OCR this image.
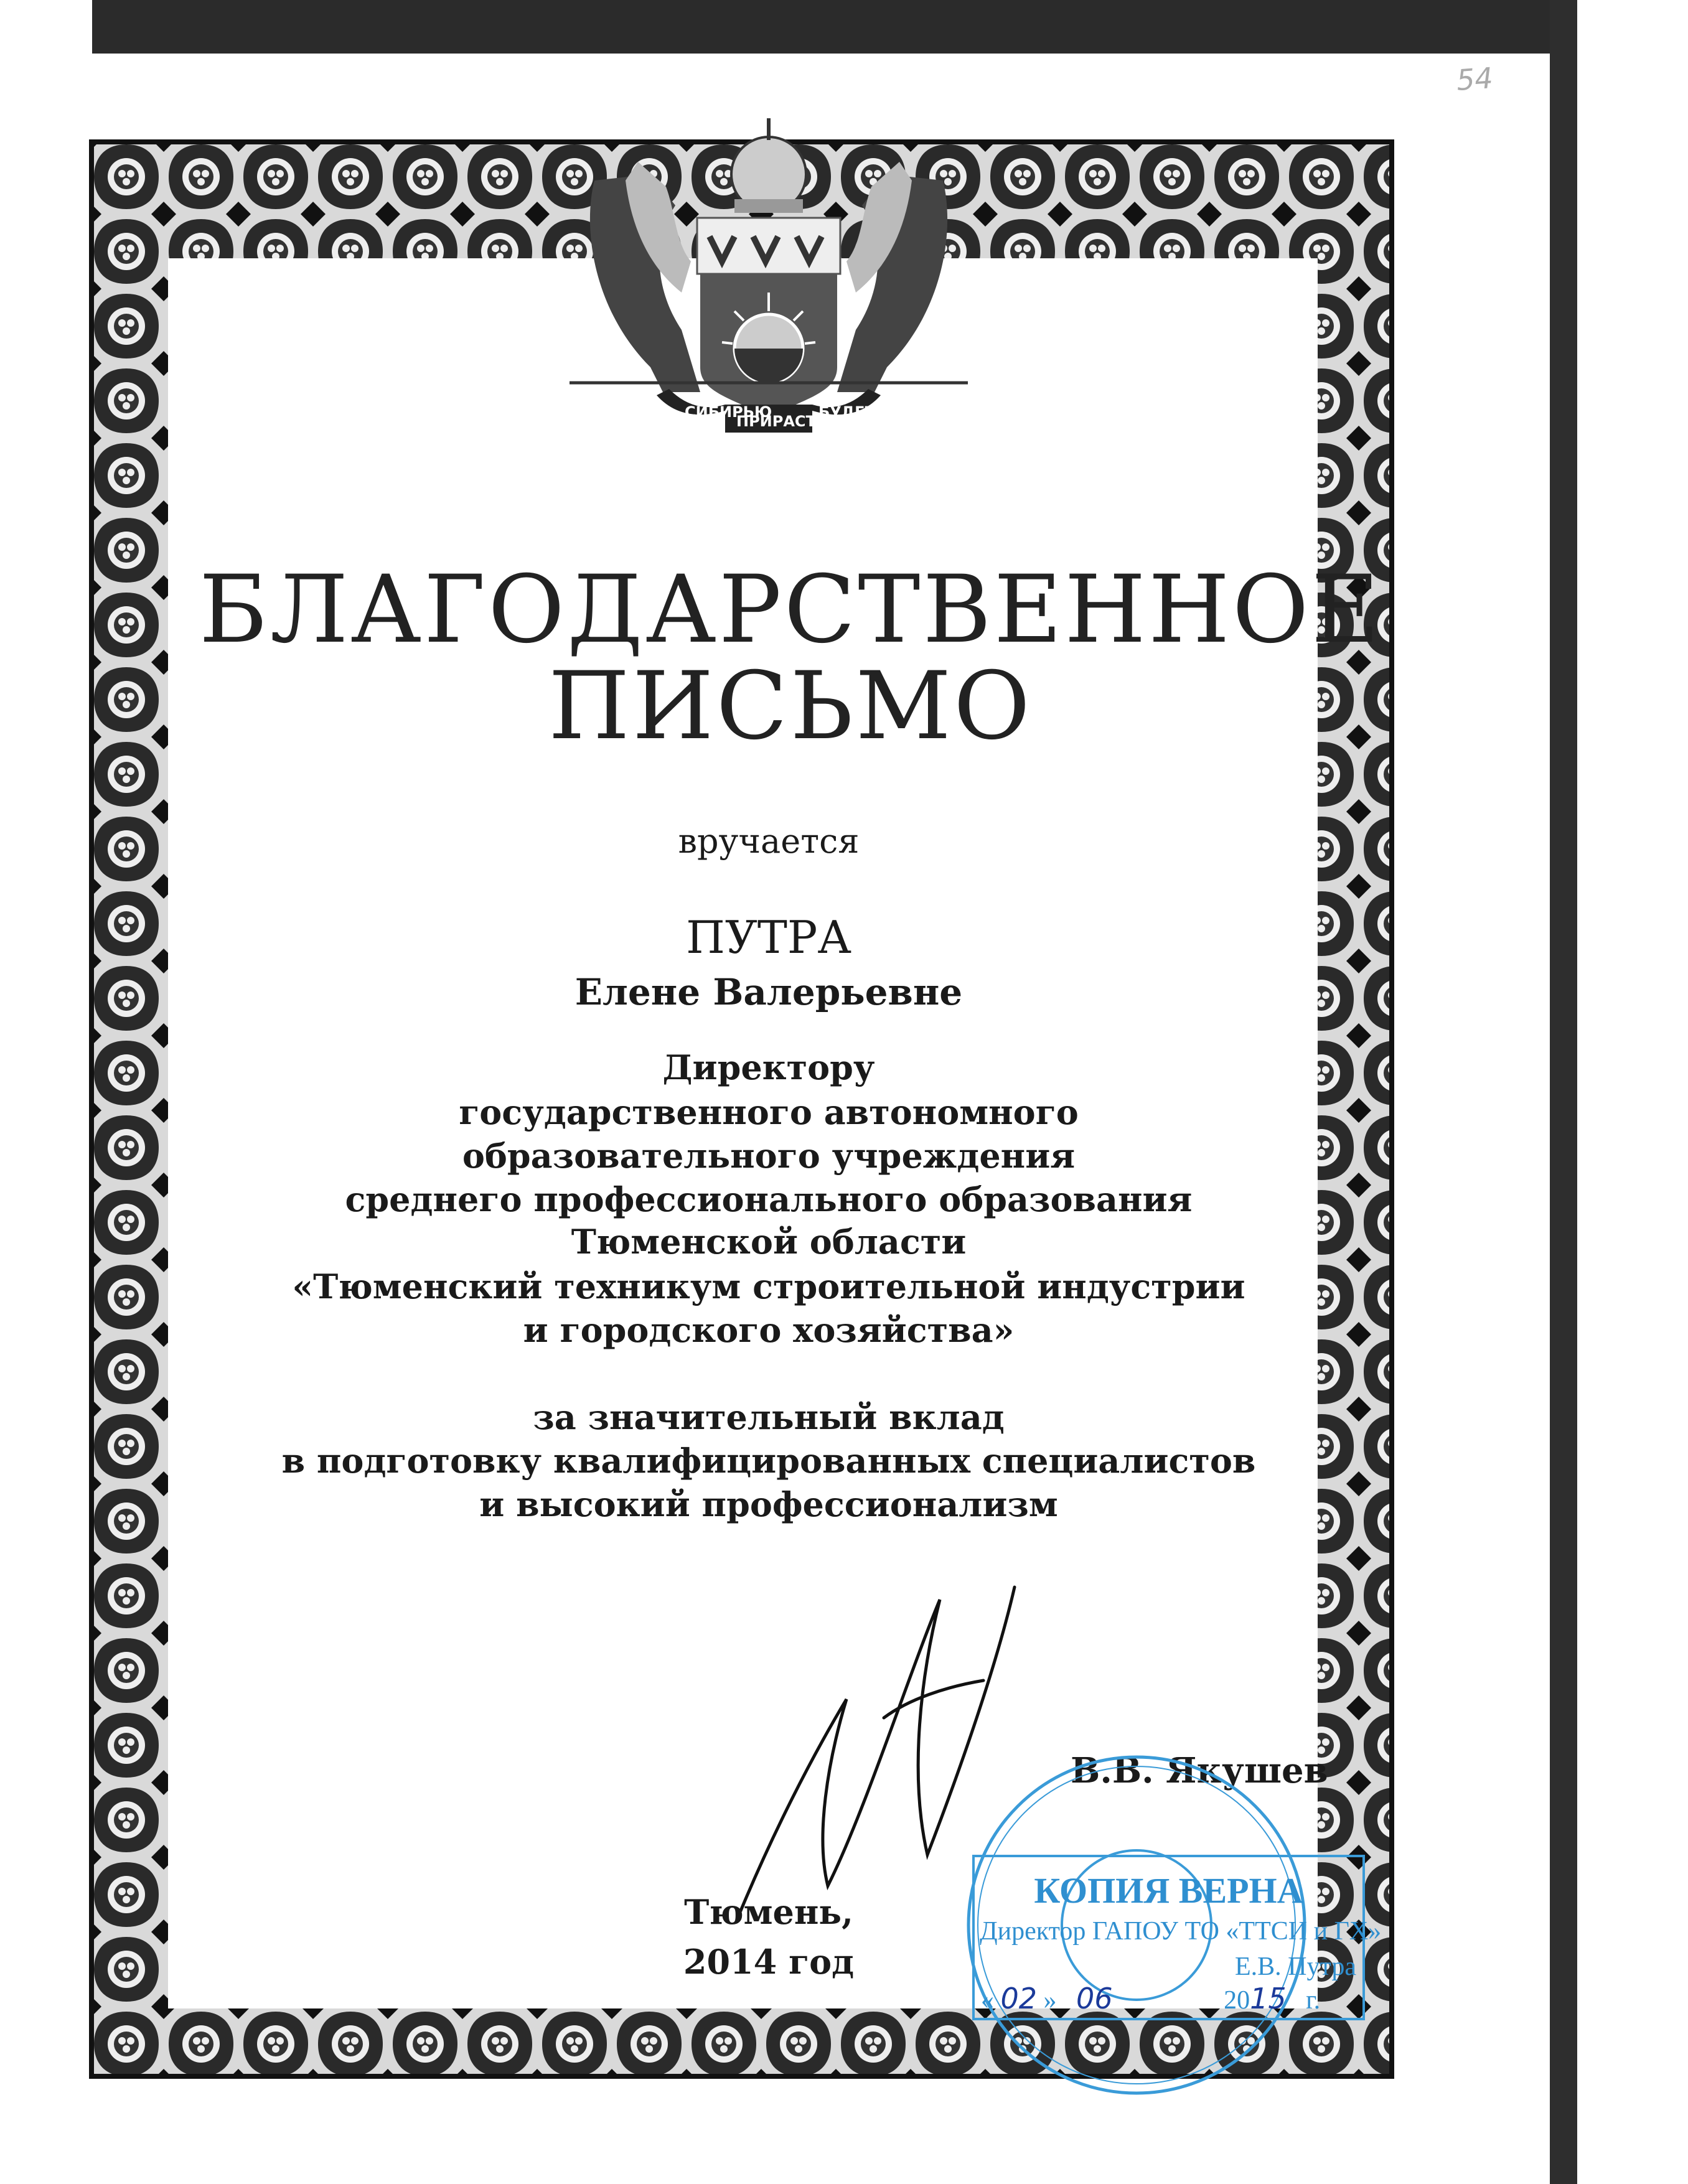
54
СИБИРЬЮ
ПРИРАСТАТЬ
БУДЕТ
БЛАГОДАРСТВЕННОЕ
ПИСЬМО
вручается
ПУТРА
Елене Валерьевне
Директору
государственного автономного
образовательного учреждения
среднего профессионального образования
Тюменской области
«Тюменский техникум строительной индустрии
и городского хозяйства»
за значительный вклад
в подготовку квалифицированных специалистов
и высокий профессионализм
В.В. Якушев
Тюмень,
2014 год
КОПИЯ ВЕРНА
Директор ГАПОУ ТО «ТТСИ и ГХ»
Е.В. Путра
« 02 » 06	2015 г.
